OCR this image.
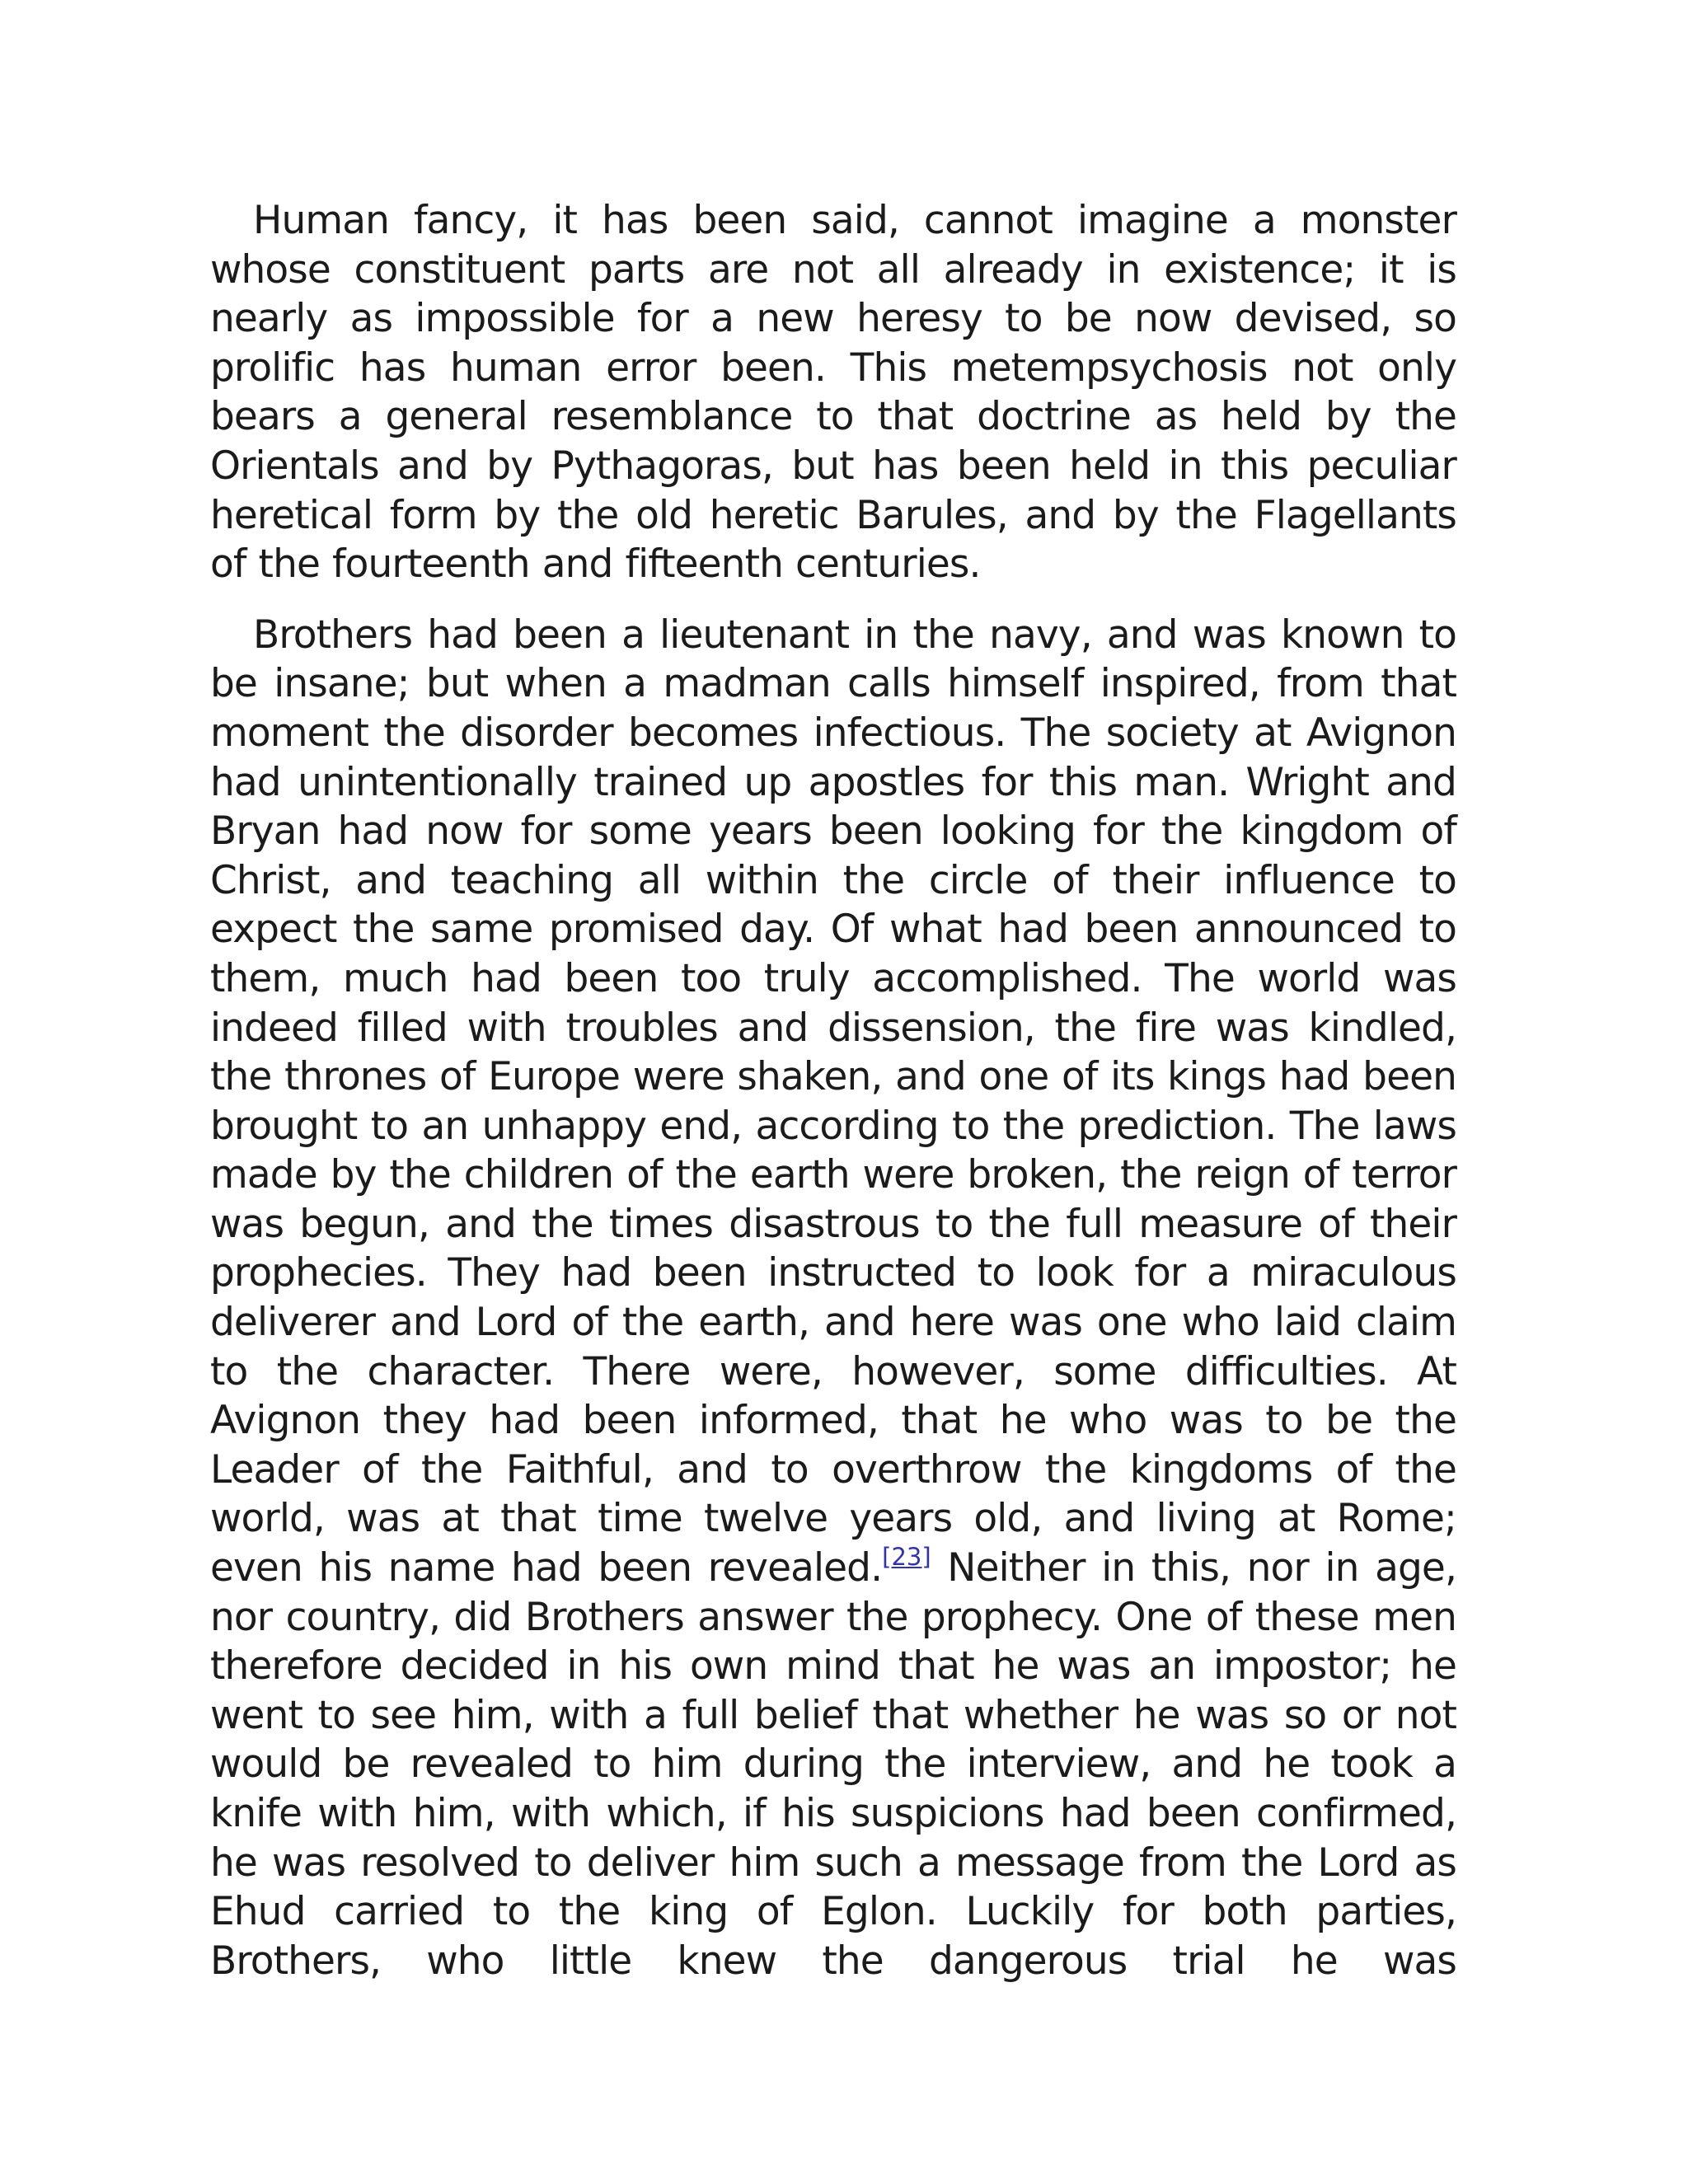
Human fancy, it has been said, cannot imagine a monster whose constituent parts are not all already in existence; it is nearly as impossible for a new heresy to be now devised, so prolific has human error been. This metempsychosis not only bears a general resemblance to that doctrine as held by the Orientals and by Pythagoras, but has been held in this peculiar heretical form by the old heretic Barules, and by the Flagellants of the fourteenth and fifteenth centuries.

Brothers had been a lieutenant in the navy, and was known to be insane; but when a madman calls himself inspired, from that moment the disorder becomes infectious. The society at Avignon had unintentionally trained up apostles for this man. Wright and Bryan had now for some years been looking for the kingdom of Christ, and teaching all within the circle of their influence to expect the same promised day. Of what had been announced to them, much had been too truly accomplished. The world was indeed filled with troubles and dissension, the fire was kindled, the thrones of Europe were shaken, and one of its kings had been brought to an unhappy end, according to the prediction. The laws made by the children of the earth were broken, the reign of terror was begun, and the times disastrous to the full measure of their prophecies. They had been instructed to look for a miraculous deliverer and Lord of the earth, and here was one who laid claim to the character. There were, however, some difficulties. At Avignon they had been informed, that he who was to be the Leader of the Faithful, and to overthrow the kingdoms of the world, was at that time twelve years old, and living at Rome; even his name had been revealed.[23] Neither in this, nor in age, nor country, did Brothers answer the prophecy. One of these men therefore decided in his own mind that he was an impostor; he went to see him, with a full belief that whether he was so or not would be revealed to him during the interview, and he took a knife with him, with which, if his suspicions had been confirmed, he was resolved to deliver him such a message from the Lord as Ehud carried to the king of Eglon. Luckily for both parties, Brothers, who little knew the dangerous trial he was
